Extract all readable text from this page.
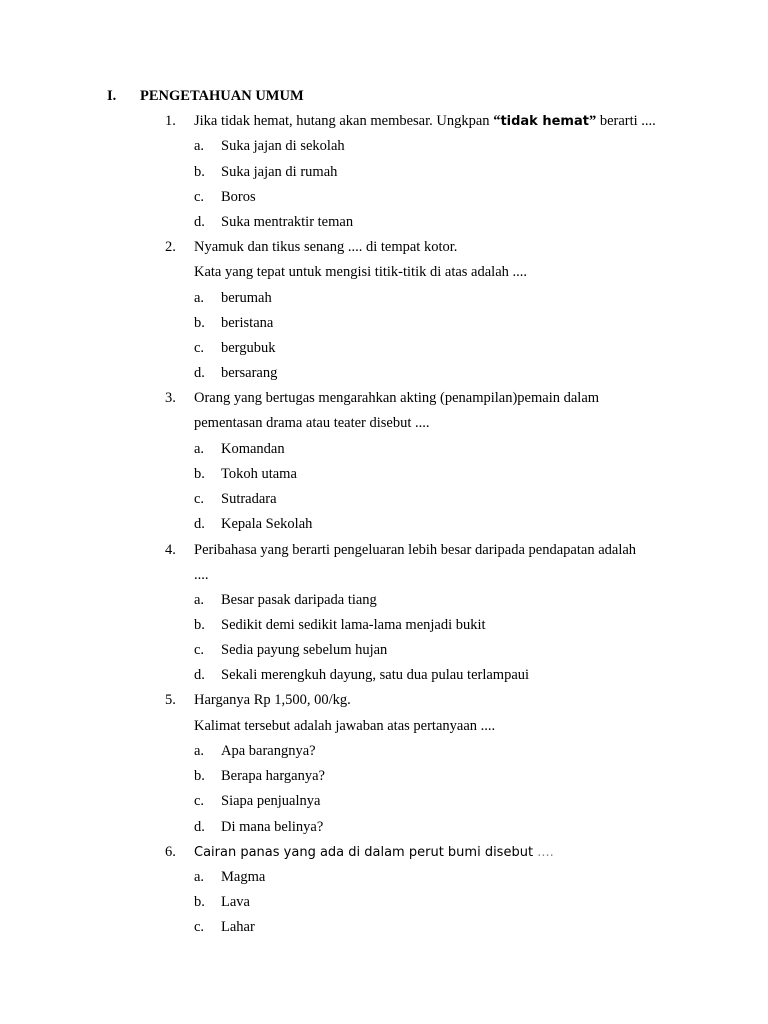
I. PENGETAHUAN UMUM
1. Jika tidak hemat, hutang akan membesar. Ungkpan “tidak hemat” berarti ....
a. Suka jajan di sekolah
b. Suka jajan di rumah
c. Boros
d. Suka mentraktir teman
2. Nyamuk dan tikus senang .... di tempat kotor.
Kata yang tepat untuk mengisi titik-titik di atas adalah ....
a. berumah
b. beristana
c. bergubuk
d. bersarang
3. Orang yang bertugas mengarahkan akting (penampilan)pemain dalam
pementasan drama atau teater disebut ....
a. Komandan
b. Tokoh utama
c. Sutradara
d. Kepala Sekolah
4. Peribahasa yang berarti pengeluaran lebih besar daripada pendapatan adalah
....
a. Besar pasak daripada tiang
b. Sedikit demi sedikit lama-lama menjadi bukit
c. Sedia payung sebelum hujan
d. Sekali merengkuh dayung, satu dua pulau terlampaui
5. Harganya Rp 1,500, 00/kg.
Kalimat tersebut adalah jawaban atas pertanyaan ....
a. Apa barangnya?
b. Berapa harganya?
c. Siapa penjualnya
d. Di mana belinya?
6. Cairan panas yang ada di dalam perut bumi disebut ....
a. Magma
b. Lava
c. Lahar
